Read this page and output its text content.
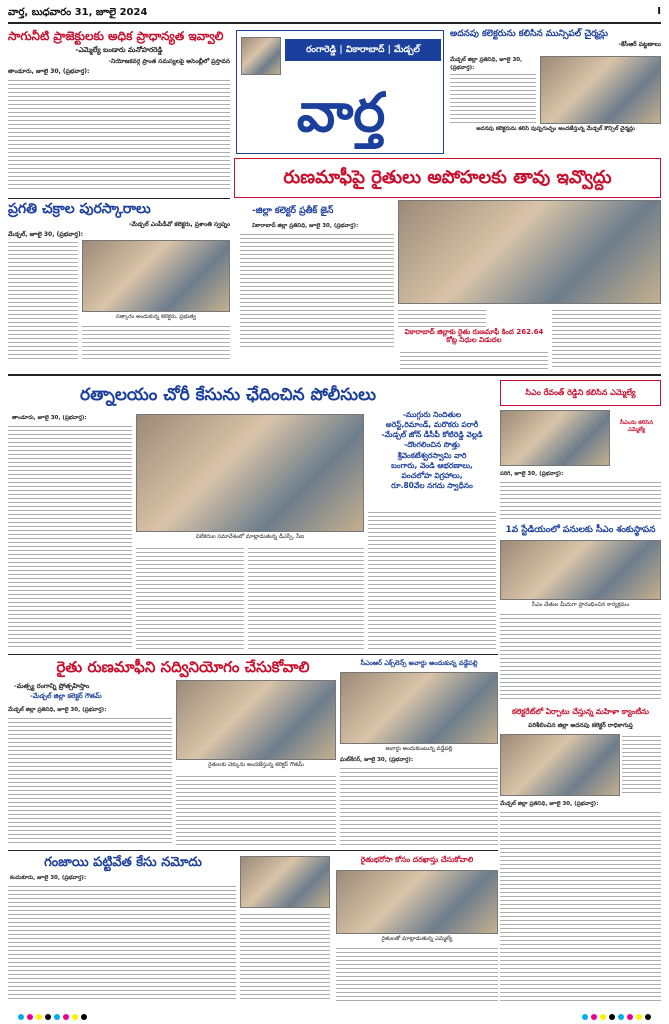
వార్త, బుధవారం 31, జూలై 2024	I
రంగారెడ్డి | వికారాబాద్ | మేడ్చల్
వార్త
సాగునీటి ప్రాజెక్టులకు అధిక ప్రాధాన్యత ఇవ్వాలి
-ఎమ్మెల్యే బండారు మనోహరరెడ్డి
-నియోజకవర్గ ప్రాంత సమస్యలపై అసెంబ్లీలో ప్రస్తావన
తాండూరు, జూలై 30, (ప్రభవార్త):
ప్రగతి చక్రాల పురస్కారాలు
-మేడ్చల్ ఎంపీడీవో కలెక్టరు, ప్రశాంతి స్వప్నం
మేడ్చల్, జూలై 30, (ప్రభవార్త):
సత్కారం అందుకున్న కలెక్టరు, ప్రభుత్వ
అదనపు కలెక్టరును కలిసిన మున్సిపల్ చైర్మన్లు
-కేసీఆర్ పట్టణాలు
మేడ్చల్ జిల్లా ప్రతినిధి, జూలై 30, (ప్రభవార్త):
అదనపు కలెక్టరును కలిసి పుష్పగుచ్ఛం అందజేస్తున్న మేడ్చల్ కౌన్సిల్ చైర్మన్లు
రుణమాఫీపై రైతులు అపోహలకు తావు ఇవ్వొద్దు
-జిల్లా కలెక్టర్ ప్రతీక్ జైన్
వికారాబాద్ జిల్లా ప్రతినిధి, జూలై 30, (ప్రభవార్త):
వికారాబాద్ జిల్లాకు రైతు రుణమాఫీ కింద 262.64 కోట్ల నిధుల విడుదల
రత్నాలయం చోరీ కేసును ఛేదించిన పోలీసులు
తాండూరు, జూలై 30, (ప్రభవార్త):
విలేకరుల సమావేశంలో మాట్లాడుతున్న డీఎస్పీ, సీఐ
-ముగ్గురు నిందితుల
అరెస్ట్,రిమాండ్, మరొకరు పరారీ
-మేడ్చల్ జోన్ డీసీపీ కోటిరెడ్డి వెల్లడి
-దొంగలించిన సొత్తు
శ్రీవెంకటేశ్వరస్వామి వారి
బంగారు, వెండి ఆభరణాలు,
పంచలోహ విగ్రహాలు,
రూ.80వేల నగదు స్వాధీనం
సిఎం రేవంత్ రెడ్డిని కలిసిన ఎమ్మెల్యే
సీఎంను కలిసిన ఎమ్మెల్యే
పరిగి, జూలై 30, (ప్రభవార్త):
1వ స్టేడియంలో పనులకు సీఎం శంకుస్థాపన
సీఎం చేతుల మీదుగా ప్రారంభించిన కార్యక్రమం
రైతు రుణమాఫీని సద్వినియోగం చేసుకోవాలి
-మత్స్య రంగాన్ని ప్రోత్సహిస్తాం
-మేడ్చల్ జిల్లా కలెక్టర్ గౌతమ్
మేడ్చల్ జిల్లా ప్రతినిధి, జూలై 30, (ప్రభవార్త):
రైతులకు చెక్కును అందజేస్తున్న కలెక్టర్ గౌతమ్
సీఎంఆర్ ఎక్స్‌లెన్స్ అవార్డు అందుకున్న వడ్డేపల్లి
అవార్డు అందుకుంటున్న వడ్డేపల్లి
ఘట్‌కేసర్, జూలై 30, (ప్రభవార్త):
కలెక్టరేట్‌లో ఏర్పాటు చేస్తున్న మహిళా క్యాంటీను
పరిశీలించిన జిల్లా అదనపు కలెక్టర్ రాధికాగుప్త
మేడ్చల్ జిల్లా ప్రతినిధి, జూలై 30, (ప్రభవార్త):
గంజాయి పట్టివేత కేసు నమోదు
కందుకూరు, జూలై 30, (ప్రభవార్త):
రైతుభరోసా కోసం దరఖాస్తు చేసుకోవాలి
రైతులతో మాట్లాడుతున్న ఎమ్మెల్యే
